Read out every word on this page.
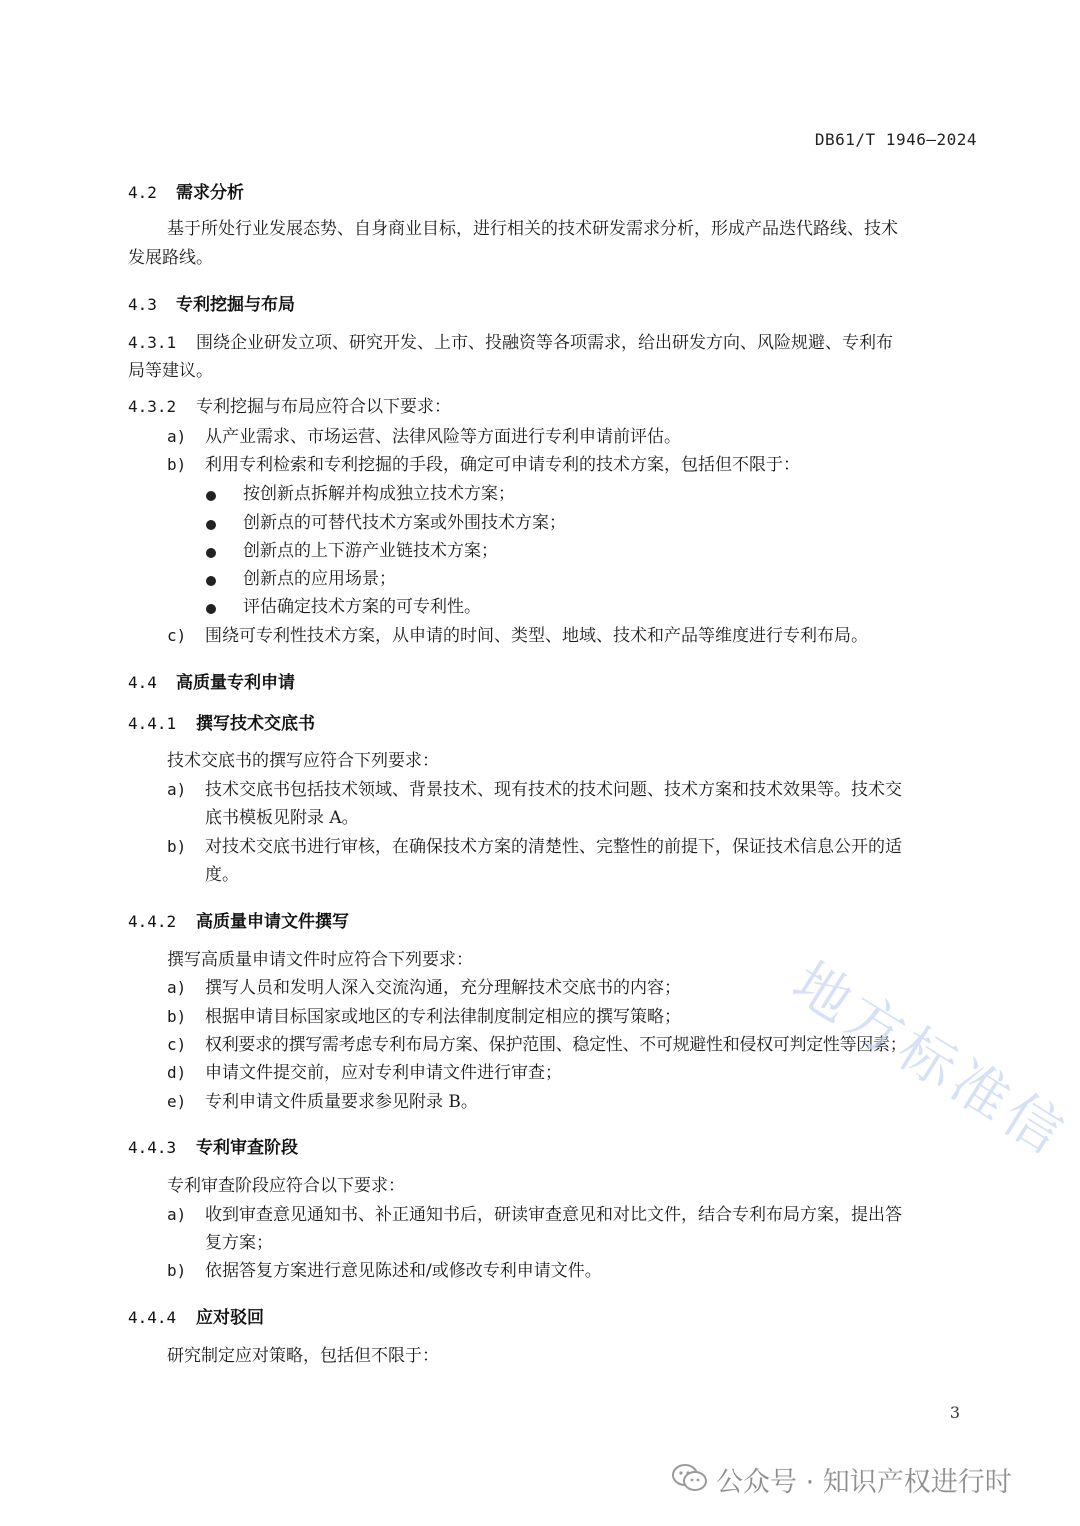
DB61/T 1946—2024
4.2 需求分析
基于所处行业发展态势、自身商业目标，进行相关的技术研发需求分析，形成产品迭代路线、技术
发展路线。
4.3 专利挖掘与布局
4.3.1 围绕企业研发立项、研究开发、上市、投融资等各项需求，给出研发方向、风险规避、专利布
局等建议。
4.3.2 专利挖掘与布局应符合以下要求：
a) 从产业需求、市场运营、法律风险等方面进行专利申请前评估。
b) 利用专利检索和专利挖掘的手段，确定可申请专利的技术方案，包括但不限于：
按创新点拆解并构成独立技术方案；
创新点的可替代技术方案或外围技术方案；
创新点的上下游产业链技术方案；
创新点的应用场景；
评估确定技术方案的可专利性。
c) 围绕可专利性技术方案，从申请的时间、类型、地域、技术和产品等维度进行专利布局。
4.4 高质量专利申请
4.4.1 撰写技术交底书
技术交底书的撰写应符合下列要求：
a) 技术交底书包括技术领域、背景技术、现有技术的技术问题、技术方案和技术效果等。技术交
底书模板见附录 A。
b) 对技术交底书进行审核，在确保技术方案的清楚性、完整性的前提下，保证技术信息公开的适
度。
4.4.2 高质量申请文件撰写
撰写高质量申请文件时应符合下列要求：
a) 撰写人员和发明人深入交流沟通，充分理解技术交底书的内容；
b) 根据申请目标国家或地区的专利法律制度制定相应的撰写策略；
c) 权利要求的撰写需考虑专利布局方案、保护范围、稳定性、不可规避性和侵权可判定性等因素；
d) 申请文件提交前，应对专利申请文件进行审查；
e) 专利申请文件质量要求参见附录 B。
4.4.3 专利审查阶段
专利审查阶段应符合以下要求：
a) 收到审查意见通知书、补正通知书后，研读审查意见和对比文件，结合专利布局方案，提出答
复方案；
b) 依据答复方案进行意见陈述和/或修改专利申请文件。
4.4.4 应对驳回
研究制定应对策略，包括但不限于：
3
地方标准信
公众号 · 知识产权进行时
